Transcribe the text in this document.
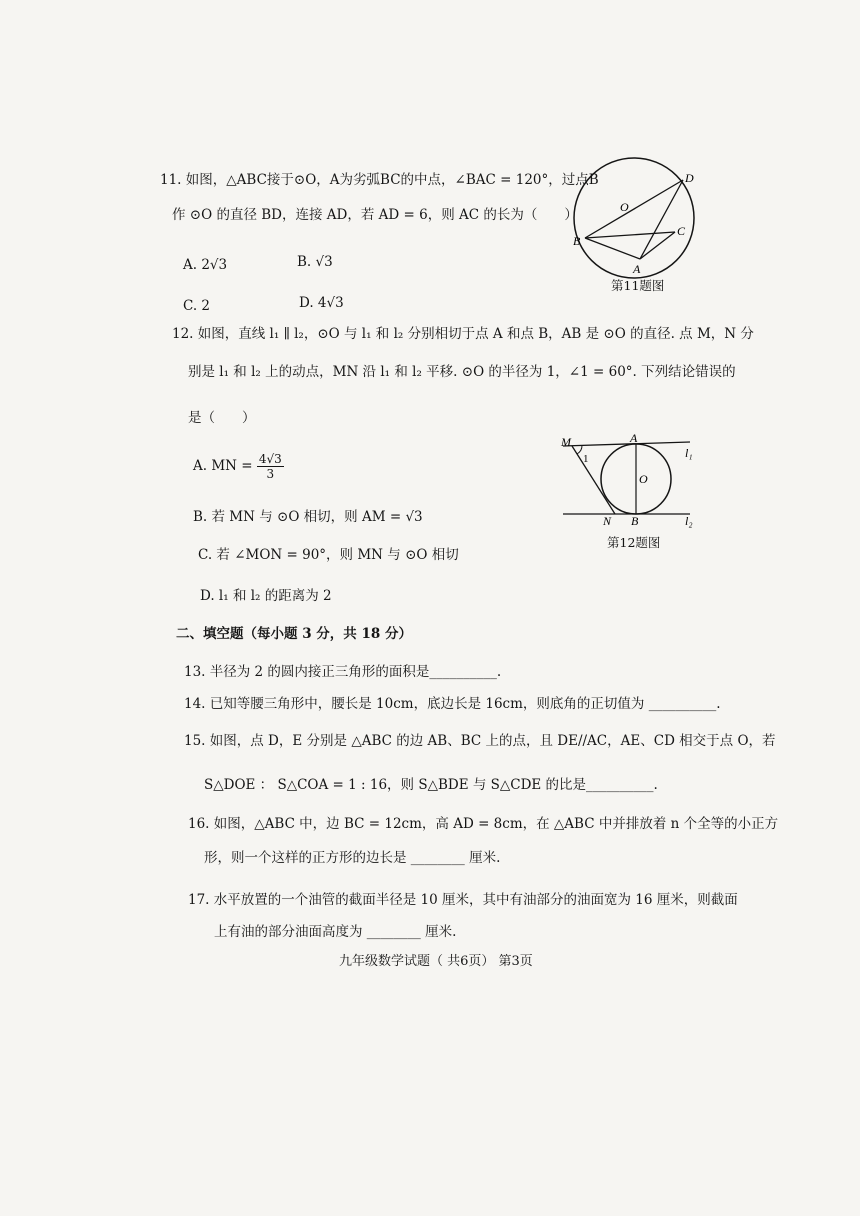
11. 如图，△ABC接于⊙O，A为劣弧BC的中点，∠BAC = 120°，过点B
作 ⊙O 的直径 BD，连接 AD，若 AD = 6，则 AC 的长为（　　）
A. 2√3	B. √3
C. 2	D. 4√3
O
D
B
C
A
第11题图
12. 如图，直线 l₁ ∥ l₂，⊙O 与 l₁ 和 l₂ 分别相切于点 A 和点 B，AB 是 ⊙O 的直径. 点 M，N 分
别是 l₁ 和 l₂ 上的动点，MN 沿 l₁ 和 l₂ 平移. ⊙O 的半径为 1，∠1 = 60°. 下列结论错误的
是（　　）
A. MN = $\frac{4√3}{3}$
B. 若 MN 与 ⊙O 相切，则 AM = √3
C. 若 ∠MON = 90°，则 MN 与 ⊙O 相切
D. l₁ 和 l₂ 的距离为 2
M	A
l₁
1
O
N B	l₂
第12题图
二、填空题（每小题 3 分，共 18 分）
13. 半径为 2 的圆内接正三角形的面积是__________.
14. 已知等腰三角形中，腰长是 10cm，底边长是 16cm，则底角的正切值为 __________.
15. 如图，点 D，E 分别是 △ABC 的边 AB、BC 上的点，且 DE//AC，AE、CD 相交于点 O，若
S△DOE ： S△COA = 1 : 16，则 S△BDE 与 S△CDE 的比是__________.
16. 如图，△ABC 中，边 BC = 12cm，高 AD = 8cm，在 △ABC 中并排放着 n 个全等的小正方
形，则一个这样的正方形的边长是 ________ 厘米.
17. 水平放置的一个油管的截面半径是 10 厘米，其中有油部分的油面宽为 16 厘米，则截面
上有油的部分油面高度为 ________ 厘米.
九年级数学试题（ 共6页） 第3页
